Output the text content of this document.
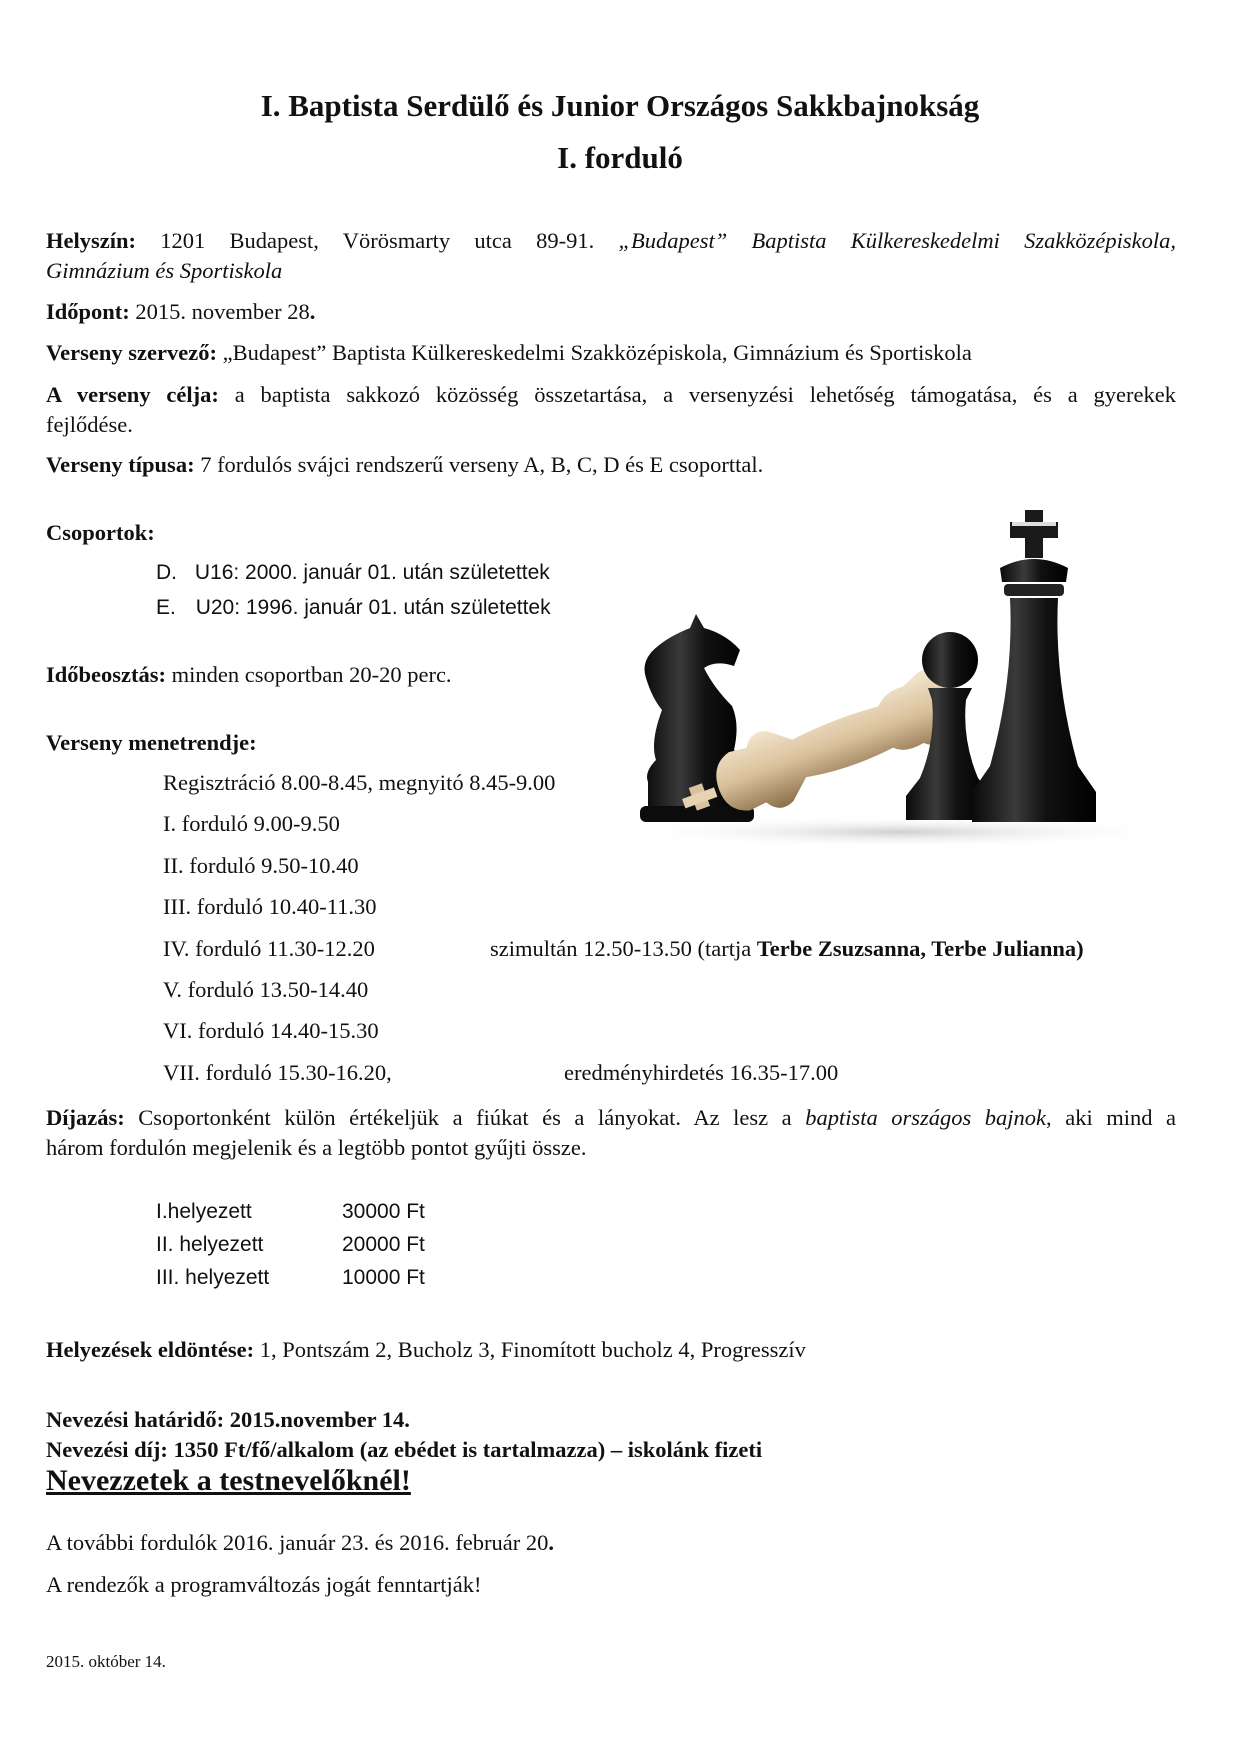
I. Baptista Serdülő és Junior Országos Sakkbajnokság
I. forduló
Helyszín: 1201 Budapest, Vörösmarty utca 89-91. „Budapest” Baptista Külkereskedelmi Szakközépiskola,
Gimnázium és Sportiskola
Időpont: 2015. november 28.
Verseny szervező: „Budapest” Baptista Külkereskedelmi Szakközépiskola, Gimnázium és Sportiskola
A verseny célja: a baptista sakkozó közösség összetartása, a versenyzési lehetőség támogatása, és a gyerekek
fejlődése.
Verseny típusa: 7 fordulós svájci rendszerű verseny A, B, C, D és E csoporttal.
Csoportok:
D. U16: 2000. január 01. után születettek
E. U20: 1996. január 01. után születettek
Időbeosztás: minden csoportban 20-20 perc.
Verseny menetrendje:
Regisztráció 8.00-8.45, megnyitó 8.45-9.00
I. forduló 9.00-9.50
II. forduló 9.50-10.40
III. forduló 10.40-11.30
IV. forduló 11.30-12.20	szimultán 12.50-13.50 (tartja Terbe Zsuzsanna, Terbe Julianna)
V. forduló 13.50-14.40
VI. forduló 14.40-15.30
VII. forduló 15.30-16.20,	eredményhirdetés 16.35-17.00
Díjazás: Csoportonként külön értékeljük a fiúkat és a lányokat. Az lesz a baptista országos bajnok, aki mind a
három fordulón megjelenik és a legtöbb pontot gyűjti össze.
I.helyezett	30000 Ft
II. helyezett	20000 Ft
III. helyezett	10000 Ft
Helyezések eldöntése: 1, Pontszám 2, Bucholz 3, Finomított bucholz 4, Progresszív
Nevezési határidő: 2015.november 14.
Nevezési díj: 1350 Ft/fő/alkalom (az ebédet is tartalmazza) – iskolánk fizeti
Nevezzetek a testnevelőknél!
A további fordulók 2016. január 23. és 2016. február 20.
A rendezők a programváltozás jogát fenntartják!
2015. október 14.
